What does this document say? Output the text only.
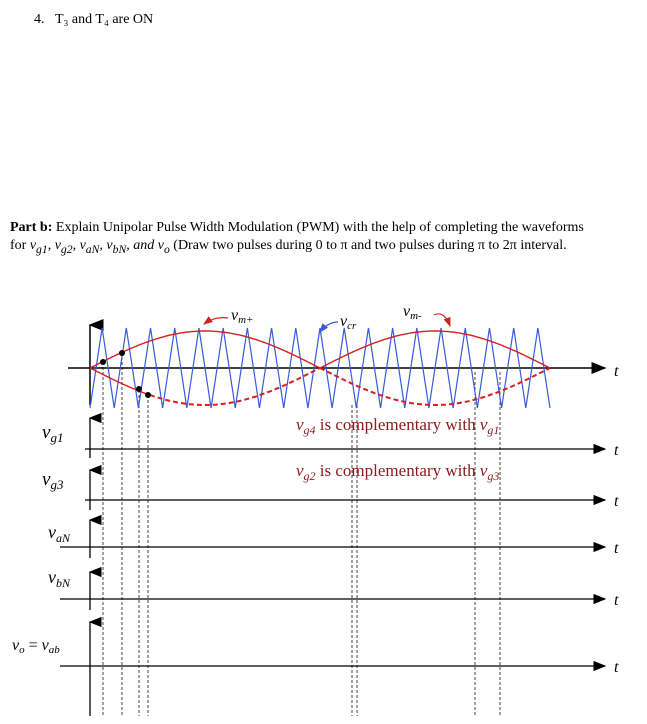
4. T₃ and T₄ are ON
Part b: Explain Unipolar Pulse Width Modulation (PWM) with the help of completing the waveforms
for $v_{g1}$, $v_{g2}$, $v_{aN}$, $v_{bN}$, and $v_o$ (Draw two pulses during 0 to π and two pulses during π to 2π interval.
vm+	vcr
vm-
t
$v_{g1}$
t
$v_{g4}$ is complementary with $v_{g1}$
$v_{g2}$ is complementary with $v_{g3}$
$v_{g3}$
t
$v_{aN}$
t
$v_{bN}$
t
vo = vab
t
